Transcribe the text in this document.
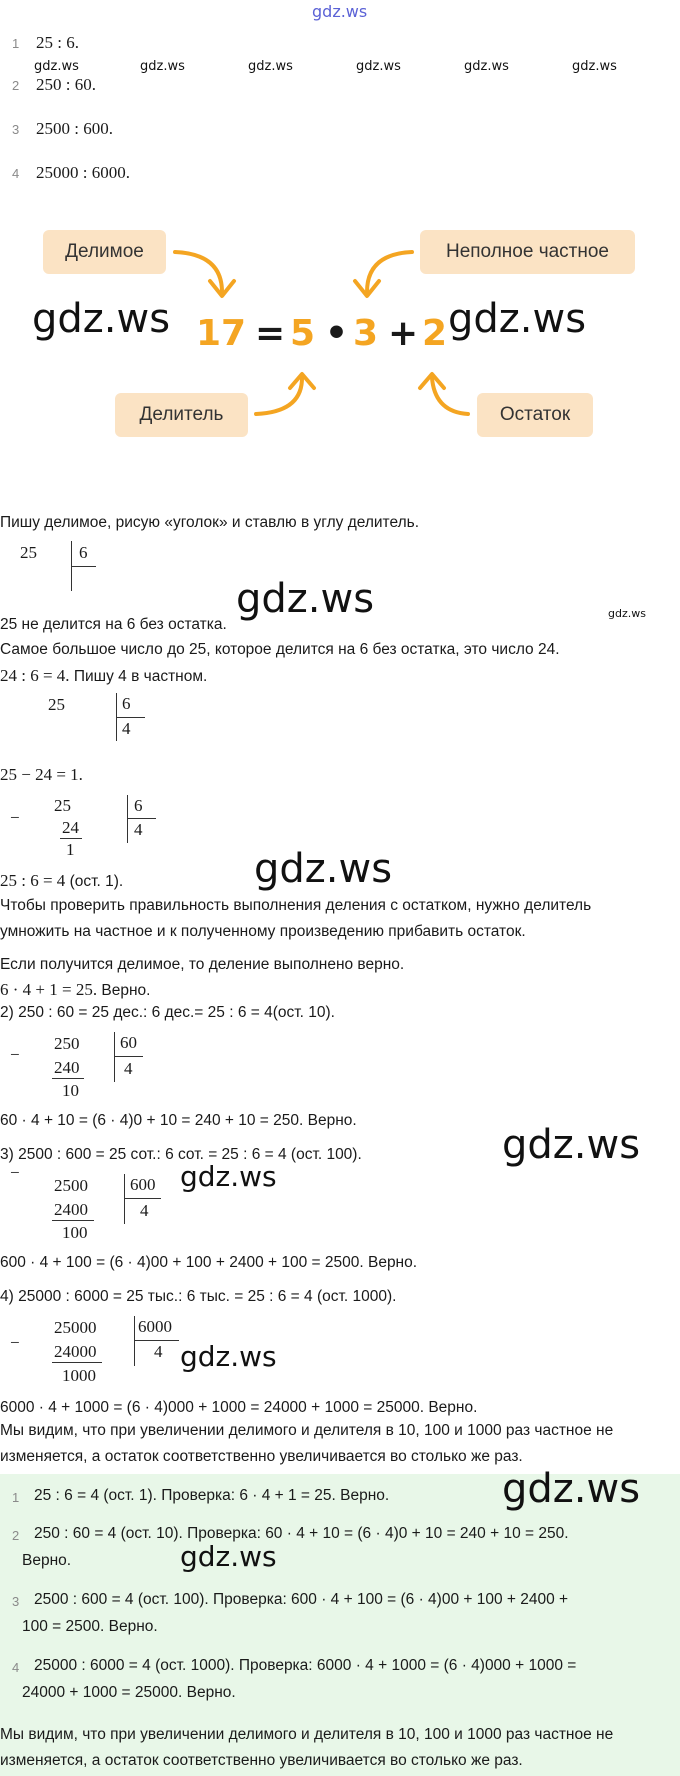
gdz.ws
1 25 : 6.
2 250 : 60.
3 2500 : 600.
4 25000 : 6000.
gdz.ws	gdz.ws	gdz.ws	gdz.ws	gdz.ws	gdz.ws
Делимое	Неполное частное
Делитель	Остаток
17 = 5 • 3 + 2
gdz.ws	gdz.ws
Пишу делимое, рисую «уголок» и ставлю в углу делитель.
25 6
gdz.ws	gdz.ws
25 не делится на 6 без остатка.
Самое большое число до 25, которое делится на 6 без остатка, это число 24.
24 : 6 = 4. Пишу 4 в частном.
25	6
4
25 − 24 = 1.
−
25
24
1
6
4
25 : 6 = 4 (ост. 1).	gdz.ws
Чтобы проверить правильность выполнения деления с остатком, нужно делитель
умножить на частное и к полученному произведению прибавить остаток.
Если получится делимое, то деление выполнено верно.
6 · 4 + 1 = 25. Верно.
2) 250 : 60 = 25 дес.: 6 дес.= 25 : 6 = 4(ост. 10).
−
250
240
10
60
4
60 · 4 + 10 = (6 · 4)0 + 10 = 240 + 10 = 250. Верно.
gdz.ws
3) 2500 : 600 = 25 сот.: 6 сот. = 25 : 6 = 4 (ост. 100).
−
2500
2400
100
600
4
gdz.ws
600 · 4 + 100 = (6 · 4)00 + 100 + 2400 + 100 = 2500. Верно.
4) 25000 : 6000 = 25 тыс.: 6 тыс. = 25 : 6 = 4 (ост. 1000).
−
25000
24000
1000
6000
4 gdz.ws
6000 · 4 + 1000 = (6 · 4)000 + 1000 = 24000 + 1000 = 25000. Верно.
Мы видим, что при увеличении делимого и делителя в 10, 100 и 1000 раз частное не
изменяется, а остаток соответственно увеличивается во столько же раз.
1 25 : 6 = 4 (ост. 1). Проверка: 6 · 4 + 1 = 25. Верно.
2 250 : 60 = 4 (ост. 10). Проверка: 60 · 4 + 10 = (6 · 4)0 + 10 = 240 + 10 = 250.
Верно.
3 2500 : 600 = 4 (ост. 100). Проверка: 600 · 4 + 100 = (6 · 4)00 + 100 + 2400 +
100 = 2500. Верно.
4 25000 : 6000 = 4 (ост. 1000). Проверка: 6000 · 4 + 1000 = (6 · 4)000 + 1000 =
24000 + 1000 = 25000. Верно.
Мы видим, что при увеличении делимого и делителя в 10, 100 и 1000 раз частное не
изменяется, а остаток соответственно увеличивается во столько же раз.
gdz.ws
gdz.ws
